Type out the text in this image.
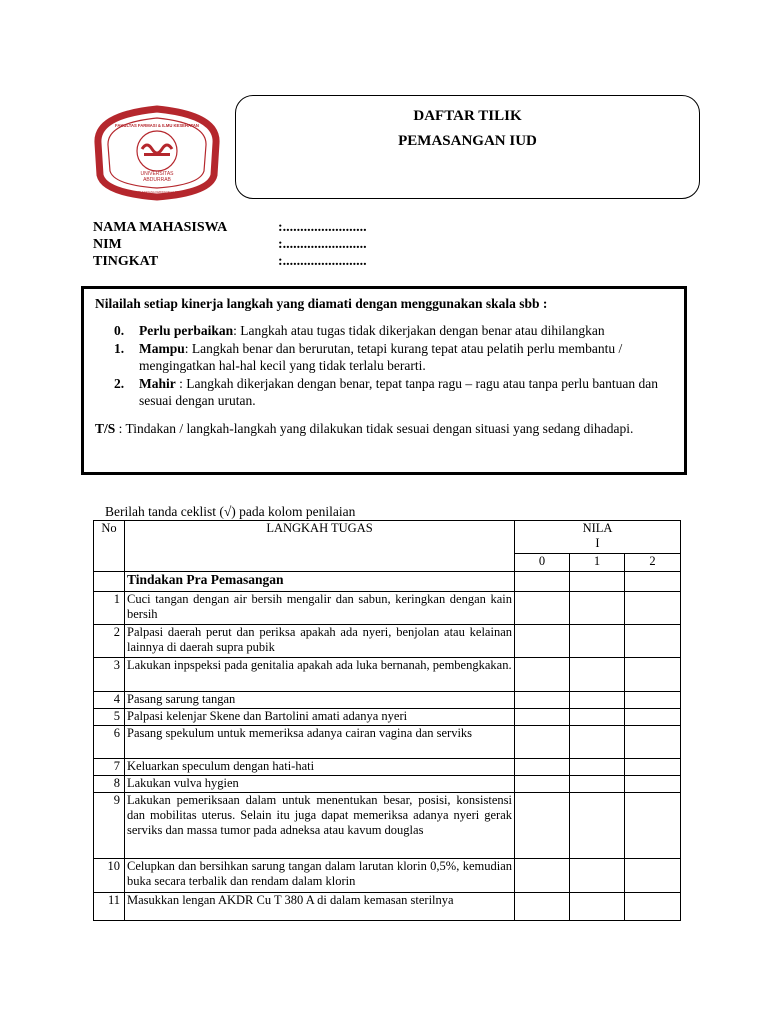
UNIVERSITAS
ABDURRAB
FAKULTAS FARMASI & ILMU KESEHATAN
PROGRAM STUDI SARJANA KEBIDANAN & PROFESI BIDAN
DAFTAR TILIK
PEMASANGAN IUD
NAMA MAHASISWA	:........................
NIM	:........................
TINGKAT	:........................
Nilailah setiap kinerja langkah yang diamati dengan menggunakan skala sbb :
0. Perlu perbaikan: Langkah atau tugas tidak dikerjakan dengan benar atau dihilangkan
1. Mampu: Langkah benar dan berurutan, tetapi kurang tepat atau pelatih perlu membantu / mengingatkan hal-hal kecil yang tidak terlalu berarti.
2. Mahir : Langkah dikerjakan dengan benar, tepat tanpa ragu – ragu atau tanpa perlu bantuan dan sesuai dengan urutan.
T/S : Tindakan / langkah-langkah yang dilakukan tidak sesuai dengan situasi yang sedang dihadapi.
Berilah tanda ceklist (√) pada kolom penilaian
No	LANGKAH TUGAS	NILA
I		
		0	1	2
	Tindakan Pra Pemasangan			
1	Cuci tangan dengan air bersih mengalir dan sabun, keringkan dengan kain bersih			
2	Palpasi daerah perut dan periksa apakah ada nyeri, benjolan atau kelainan lainnya di daerah supra pubik			
3	Lakukan inpspeksi pada genitalia apakah ada luka bernanah, pembengkakan.			
4	Pasang sarung tangan			
5	Palpasi kelenjar Skene dan Bartolini amati adanya nyeri			
6	Pasang spekulum untuk memeriksa adanya cairan vagina dan serviks			
7	Keluarkan speculum dengan hati-hati			
8	Lakukan vulva hygien			
9	Lakukan pemeriksaan dalam untuk menentukan besar, posisi, konsistensi dan mobilitas uterus. Selain itu juga dapat memeriksa adanya nyeri gerak serviks dan massa tumor pada adneksa atau kavum douglas			
10	Celupkan dan bersihkan sarung tangan dalam larutan klorin 0,5%, kemudian buka secara terbalik dan rendam dalam klorin			
11	Masukkan lengan AKDR Cu T 380 A di dalam kemasan sterilnya			
